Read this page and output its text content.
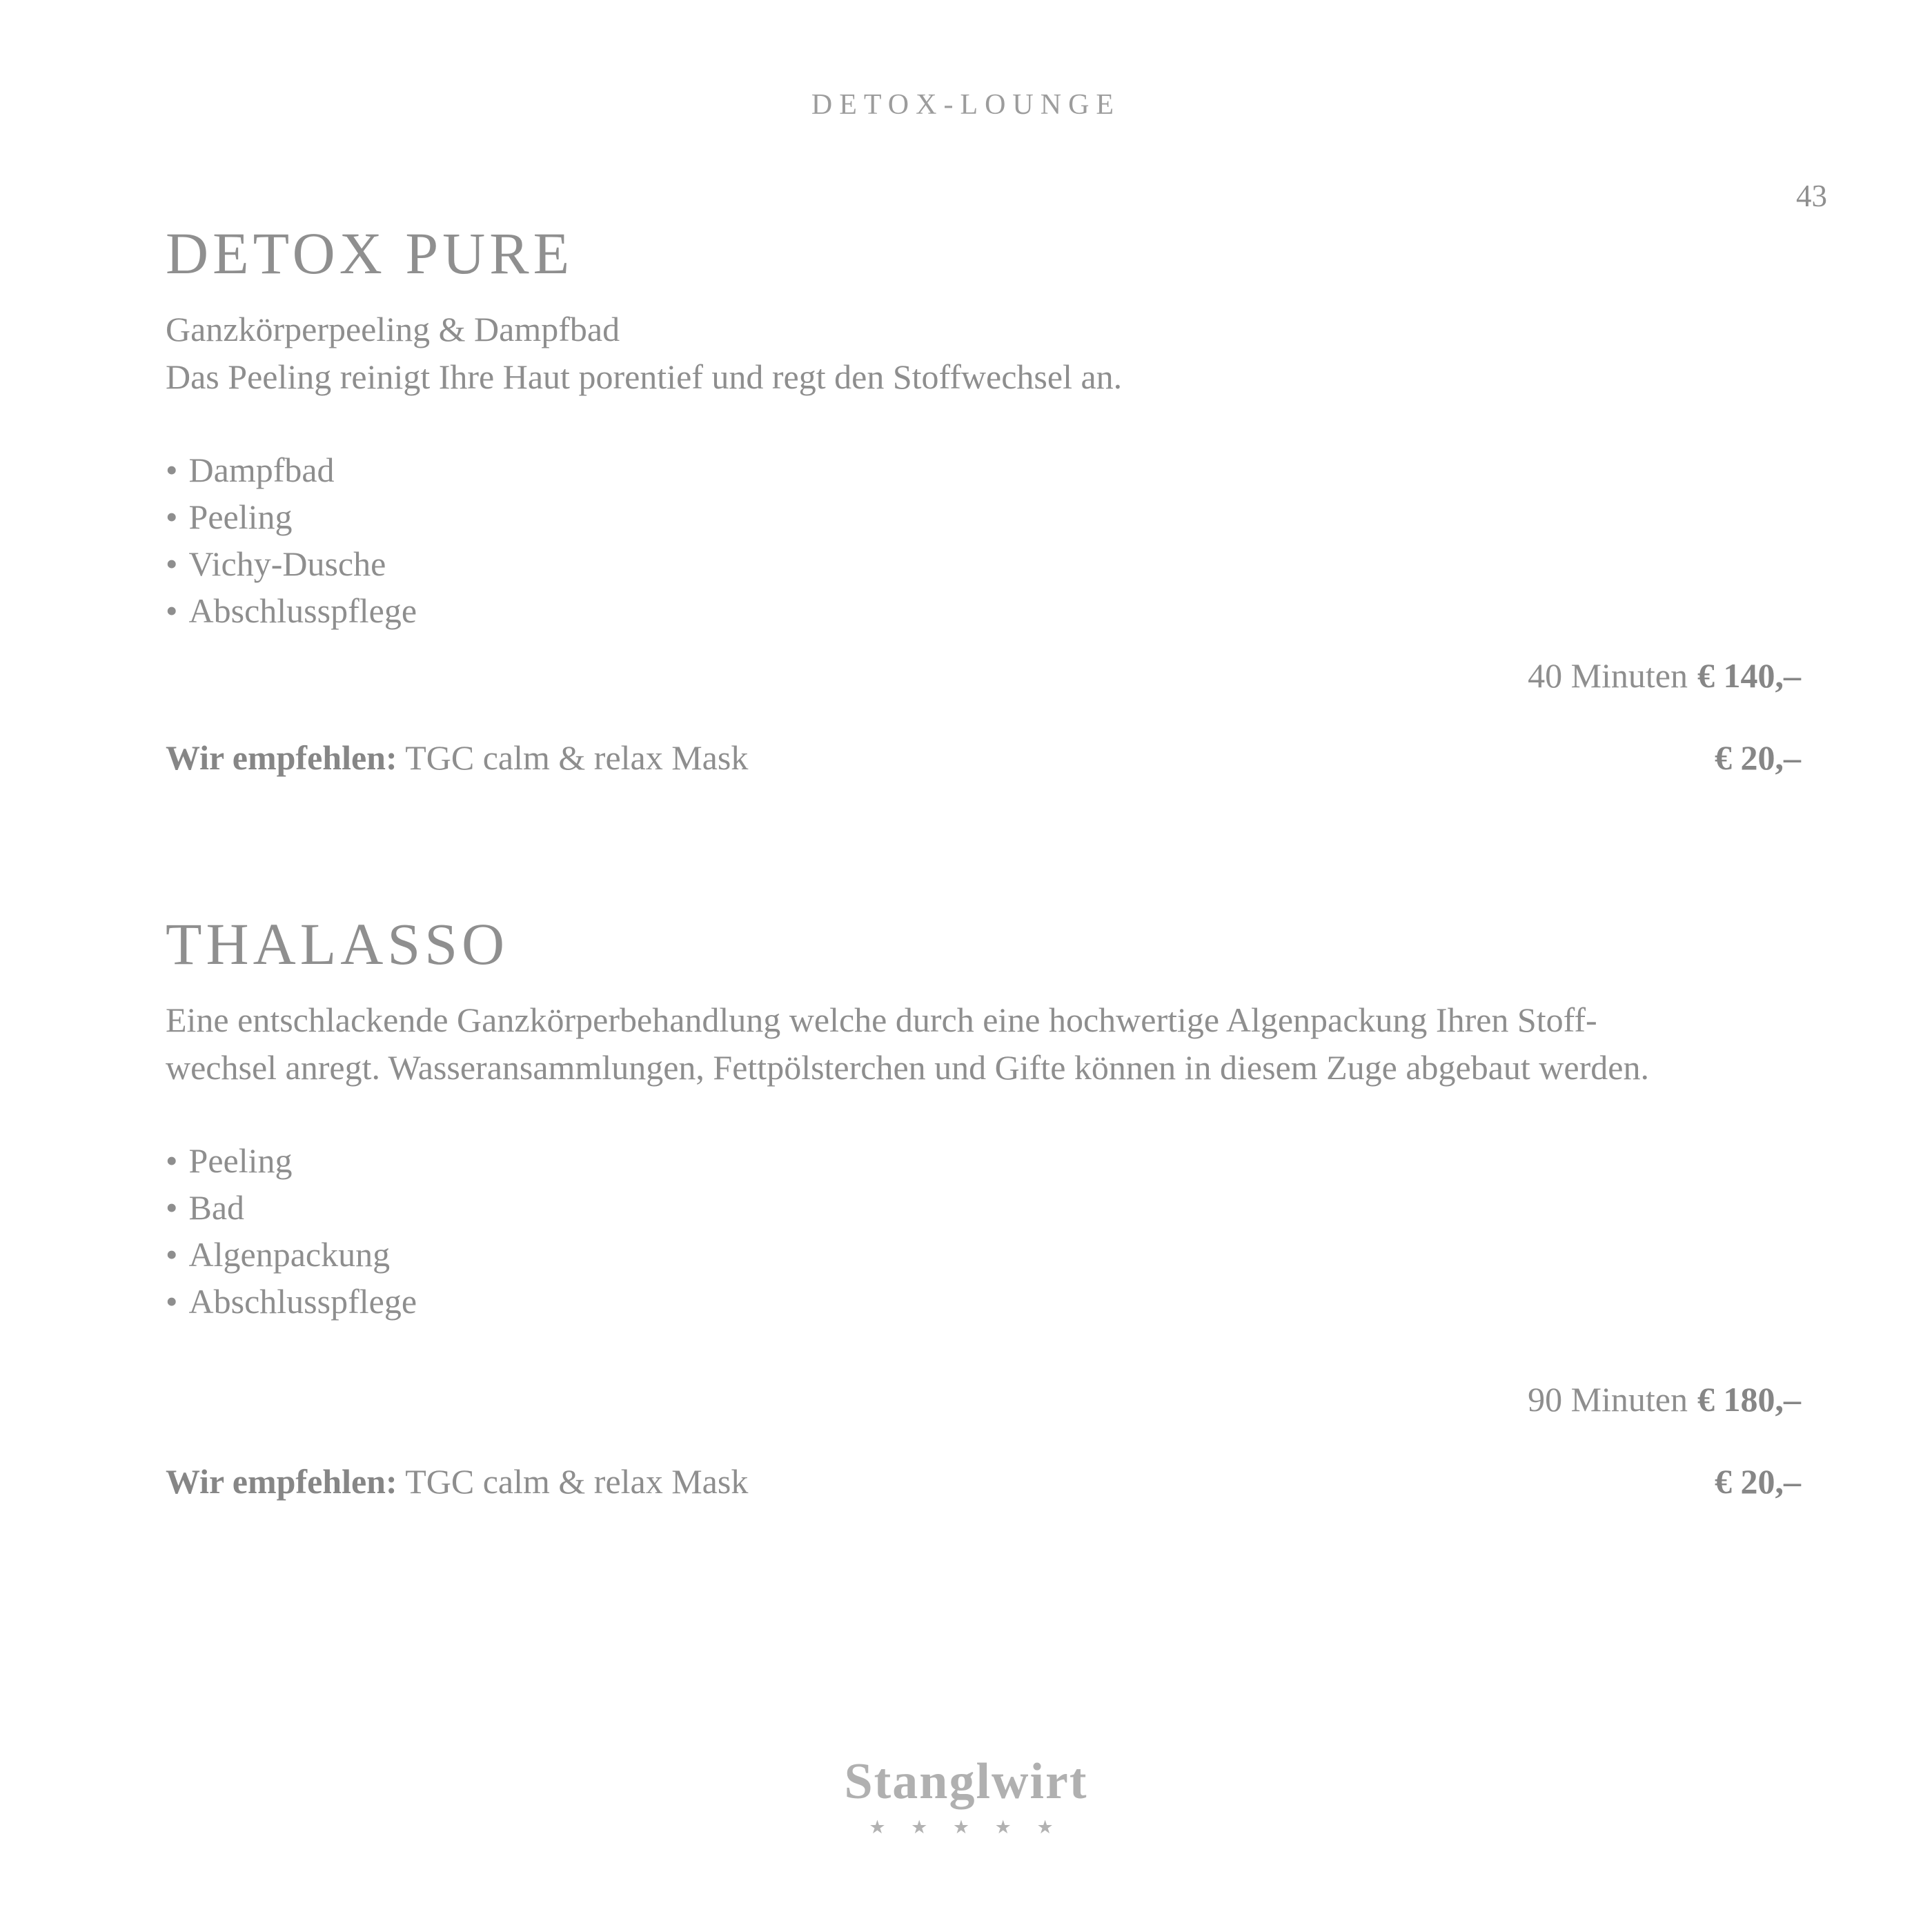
DETOX-LOUNGE
43
DETOX PURE

Ganzkörperpeeling & Dampfbad
Das Peeling reinigt Ihre Haut porentief und regt den Stoffwechsel an.

• Dampfbad
• Peeling
• Vichy-Dusche
• Abschlusspflege
40 Minuten € 140,–
Wir empfehlen: TGC calm & relax Mask	€ 20,–
THALASSO

Eine entschlackende Ganzkörperbehandlung welche durch eine hochwertige Algenpackung Ihren Stoff-
wechsel anregt. Wasseransammlungen, Fettpölsterchen und Gifte können in diesem Zuge abgebaut werden.

• Peeling
• Bad
• Algenpackung
• Abschlusspflege
90 Minuten € 180,–
Wir empfehlen: TGC calm & relax Mask	€ 20,–
Stanglwirt
★ ★ ★ ★ ★
